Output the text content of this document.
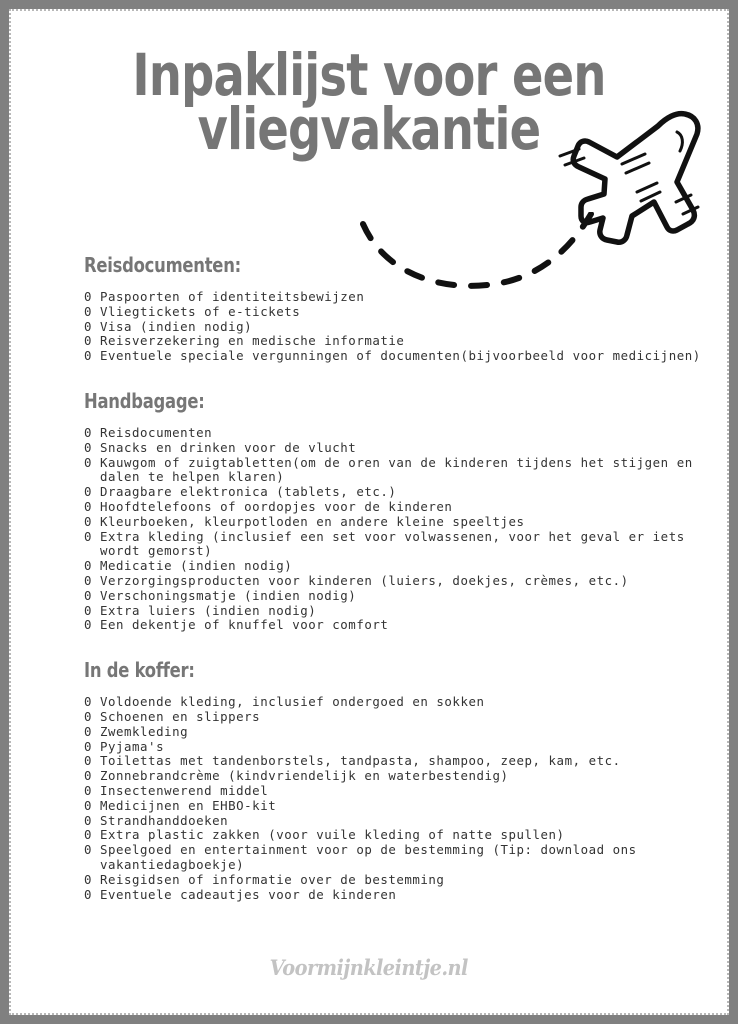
Inpaklijst voor een
vliegvakantie
Reisdocumenten:
0 Paspoorten of identiteitsbewijzen
0 Vliegtickets of e-tickets
0 Visa (indien nodig)
0 Reisverzekering en medische informatie
0 Eventuele speciale vergunningen of documenten(bijvoorbeeld voor medicijnen)
Handbagage:
0 Reisdocumenten
0 Snacks en drinken voor de vlucht
0 Kauwgom of zuigtabletten(om de oren van de kinderen tijdens het stijgen en dalen te helpen klaren)
0 Draagbare elektronica (tablets, etc.)
0 Hoofdtelefoons of oordopjes voor de kinderen
0 Kleurboeken, kleurpotloden en andere kleine speeltjes
0 Extra kleding (inclusief een set voor volwassenen, voor het geval er iets wordt gemorst)
0 Medicatie (indien nodig)
0 Verzorgingsproducten voor kinderen (luiers, doekjes, crèmes, etc.)
0 Verschoningsmatje (indien nodig)
0 Extra luiers (indien nodig)
0 Een dekentje of knuffel voor comfort
In de koffer:
0 Voldoende kleding, inclusief ondergoed en sokken
0 Schoenen en slippers
0 Zwemkleding
0 Pyjama's
0 Toilettas met tandenborstels, tandpasta, shampoo, zeep, kam, etc.
0 Zonnebrandcrème (kindvriendelijk en waterbestendig)
0 Insectenwerend middel
0 Medicijnen en EHBO-kit
0 Strandhanddoeken
0 Extra plastic zakken (voor vuile kleding of natte spullen)
0 Speelgoed en entertainment voor op de bestemming (Tip: download ons vakantiedagboekje)
0 Reisgidsen of informatie over de bestemming
0 Eventuele cadeautjes voor de kinderen
Voormijnkleintje.nl
